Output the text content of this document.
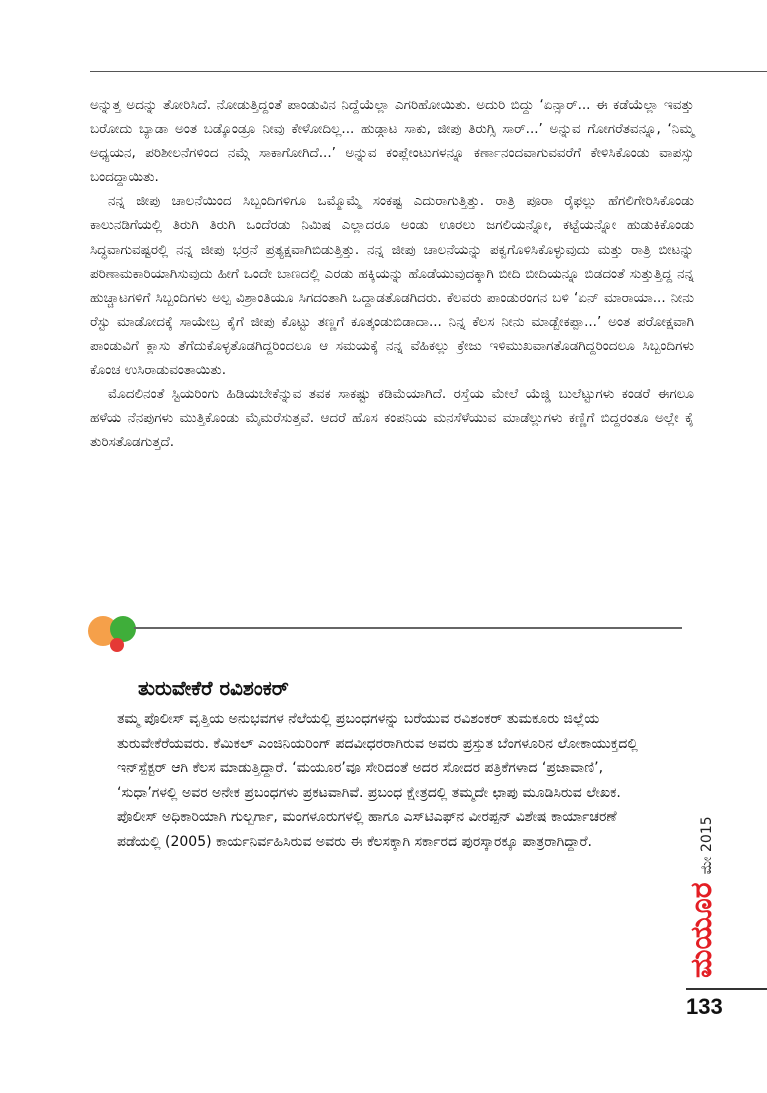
ಅನ್ನುತ್ತ ಅದನ್ನು ತೋರಿಸಿದೆ. ನೋಡುತ್ತಿದ್ದಂತೆ ಪಾಂಡುವಿನ ನಿದ್ದೆಯೆಲ್ಲಾ ಎಗರಿಹೋಯಿತು. ಅದುರಿ ಬಿದ್ದು ‘ಏನ್ಸಾರ್... ಈ ಕಡೆಯೆಲ್ಲಾ ಇವತ್ತು ಬರೋದು ಬ್ಯಾಡಾ ಅಂತ ಬಡ್ಕೊಂಡ್ರೂ ನೀವು ಕೇಳೋದಿಲ್ಲ... ಹುಡ್ಗಾಟ ಸಾಕು, ಜೀಪು ತಿರುಗ್ಸಿ ಸಾರ್...’ ಅನ್ನುವ ಗೋಗರೆತವನ್ನೂ, ‘ನಿಮ್ಮ ಅಧ್ಯಯನ, ಪರಿಶೀಲನೆಗಳಿಂದ ನಮ್ಗೆ ಸಾಕಾಗೋಗಿದೆ...’ ಅನ್ನುವ ಕಂಪ್ಲೇಂಟುಗಳನ್ನೂ ಕರ್ಣಾನಂದವಾಗುವವರೆಗೆ ಕೇಳಿಸಿಕೊಂಡು ವಾಪಸ್ಸು ಬಂದದ್ದಾಯಿತು.

ನನ್ನ ಜೀಪು ಚಾಲನೆಯಿಂದ ಸಿಬ್ಬಂದಿಗಳಿಗೂ ಒಮ್ಮೊಮ್ಮೆ ಸಂಕಷ್ಟ ಎದುರಾಗುತ್ತಿತ್ತು. ರಾತ್ರಿ ಪೂರಾ ರೈಫಲ್ಲು ಹೆಗಲಿಗೇರಿಸಿಕೊಂಡು ಕಾಲುನಡಿಗೆಯಲ್ಲಿ ತಿರುಗಿ ತಿರುಗಿ ಒಂದೆರಡು ನಿಮಿಷ ಎಲ್ಲಾದರೂ ಅಂಡು ಊರಲು ಜಗಲಿಯನ್ನೋ, ಕಟ್ಟೆಯನ್ನೋ ಹುಡುಕಿಕೊಂಡು ಸಿದ್ಧವಾಗುವಷ್ಟರಲ್ಲಿ ನನ್ನ ಜೀಪು ಭರ್ರನೆ ಪ್ರತ್ಯಕ್ಷವಾಗಿಬಿಡುತ್ತಿತ್ತು. ನನ್ನ ಜೀಪು ಚಾಲನೆಯನ್ನು ಪಕ್ವಗೊಳಿಸಿಕೊಳ್ಳುವುದು ಮತ್ತು ರಾತ್ರಿ ಬೀಟನ್ನು ಪರಿಣಾಮಕಾರಿಯಾಗಿಸುವುದು ಹೀಗೆ ಒಂದೇ ಬಾಣದಲ್ಲಿ ಎರಡು ಹಕ್ಕಿಯನ್ನು ಹೊಡೆಯುವುದಕ್ಕಾಗಿ ಬೀದಿ ಬೀದಿಯನ್ನೂ ಬಿಡದಂತೆ ಸುತ್ತುತ್ತಿದ್ದ ನನ್ನ ಹುಚ್ಚಾಟಗಳಿಗೆ ಸಿಬ್ಬಂದಿಗಳು ಅಲ್ಪ ವಿಶ್ರಾಂತಿಯೂ ಸಿಗದಂತಾಗಿ ಒದ್ದಾಡತೊಡಗಿದರು. ಕೆಲವರು ಪಾಂಡುರಂಗನ ಬಳಿ ‘ಏನ್ ಮಾರಾಯಾ... ನೀನು ರೆಸ್ಟು ಮಾಡೋದಕ್ಕೆ ಸಾಯೇಬ್ರ ಕೈಗೆ ಜೀಪು ಕೊಟ್ಟು ತಣ್ಣಗೆ ಕೂತ್ಕಂಡುಬಿಡಾದಾ... ನಿನ್ನ ಕೆಲಸ ನೀನು ಮಾಡ್ಬೇಕಪ್ಪಾ...’ ಅಂತ ಪರೋಕ್ಷವಾಗಿ ಪಾಂಡುವಿಗೆ ಕ್ಲಾಸು ತೆಗೆದುಕೊಳ್ಳತೊಡಗಿದ್ದರಿಂದಲೂ ಆ ಸಮಯಕ್ಕೆ ನನ್ನ ವೆಹಿಕಲ್ಲು ಕ್ರೇಜು ಇಳಿಮುಖವಾಗತೊಡಗಿದ್ದರಿಂದಲೂ ಸಿಬ್ಬಂದಿಗಳು ಕೊಂಚ ಉಸಿರಾಡುವಂತಾಯಿತು.

ಮೊದಲಿನಂತೆ ಸ್ಟಿಯರಿಂಗು ಹಿಡಿಯಬೇಕೆನ್ನುವ ತವಕ ಸಾಕಷ್ಟು ಕಡಿಮೆಯಾಗಿದೆ. ರಸ್ತೆಯ ಮೇಲೆ ಯೆಜ್ಡಿ ಬುಲೆಟ್ಟುಗಳು ಕಂಡರೆ ಈಗಲೂ ಹಳೆಯ ನೆನಪುಗಳು ಮುತ್ತಿಕೊಂಡು ಮೈಮರೆಸುತ್ತವೆ. ಆದರೆ ಹೊಸ ಕಂಪನಿಯ ಮನಸೆಳೆಯುವ ಮಾಡೆಲ್ಲುಗಳು ಕಣ್ಣಿಗೆ ಬಿದ್ದರಂತೂ ಅಲ್ಲೇ ಕೈ ತುರಿಸತೊಡಗುತ್ತದೆ.

ತುರುವೇಕೆರೆ ರವಿಶಂಕರ್

ತಮ್ಮ ಪೊಲೀಸ್ ವೃತ್ತಿಯ ಅನುಭವಗಳ ನೆಲೆಯಲ್ಲಿ ಪ್ರಬಂಧಗಳನ್ನು ಬರೆಯುವ ರವಿಶಂಕರ್ ತುಮಕೂರು ಜಿಲ್ಲೆಯ ತುರುವೇಕೆರೆಯವರು. ಕೆಮಿಕಲ್ ಎಂಜಿನಿಯರಿಂಗ್ ಪದವೀಧರರಾಗಿರುವ ಅವರು ಪ್ರಸ್ತುತ ಬೆಂಗಳೂರಿನ ಲೋಕಾಯುಕ್ತದಲ್ಲಿ ಇನ್‌ಸ್ಪೆಕ್ಟರ್ ಆಗಿ ಕೆಲಸ ಮಾಡುತ್ತಿದ್ದಾರೆ. ‘ಮಯೂರ’ವೂ ಸೇರಿದಂತೆ ಅದರ ಸೋದರ ಪತ್ರಿಕೆಗಳಾದ ‘ಪ್ರಜಾವಾಣಿ’, ‘ಸುಧಾ’ಗಳಲ್ಲಿ ಅವರ ಅನೇಕ ಪ್ರಬಂಧಗಳು ಪ್ರಕಟವಾಗಿವೆ. ಪ್ರಬಂಧ ಕ್ಷೇತ್ರದಲ್ಲಿ ತಮ್ಮದೇ ಛಾಪು ಮೂಡಿಸಿರುವ ಲೇಖಕ. ಪೊಲೀಸ್ ಅಧಿಕಾರಿಯಾಗಿ ಗುಲ್ಬರ್ಗಾ, ಮಂಗಳೂರುಗಳಲ್ಲಿ ಹಾಗೂ ಎಸ್‌ಟಿಎಫ್‌ನ ವೀರಪ್ಪನ್ ವಿಶೇಷ ಕಾರ್ಯಾಚರಣೆ ಪಡೆಯಲ್ಲಿ (2005) ಕಾರ್ಯನಿರ್ವಹಿಸಿರುವ ಅವರು ಈ ಕೆಲಸಕ್ಕಾಗಿ ಸರ್ಕಾರದ ಪುರಸ್ಕಾರಕ್ಕೂ ಪಾತ್ರರಾಗಿದ್ದಾರೆ.

ಮಯೂರ
ಮೇ 2015
133
